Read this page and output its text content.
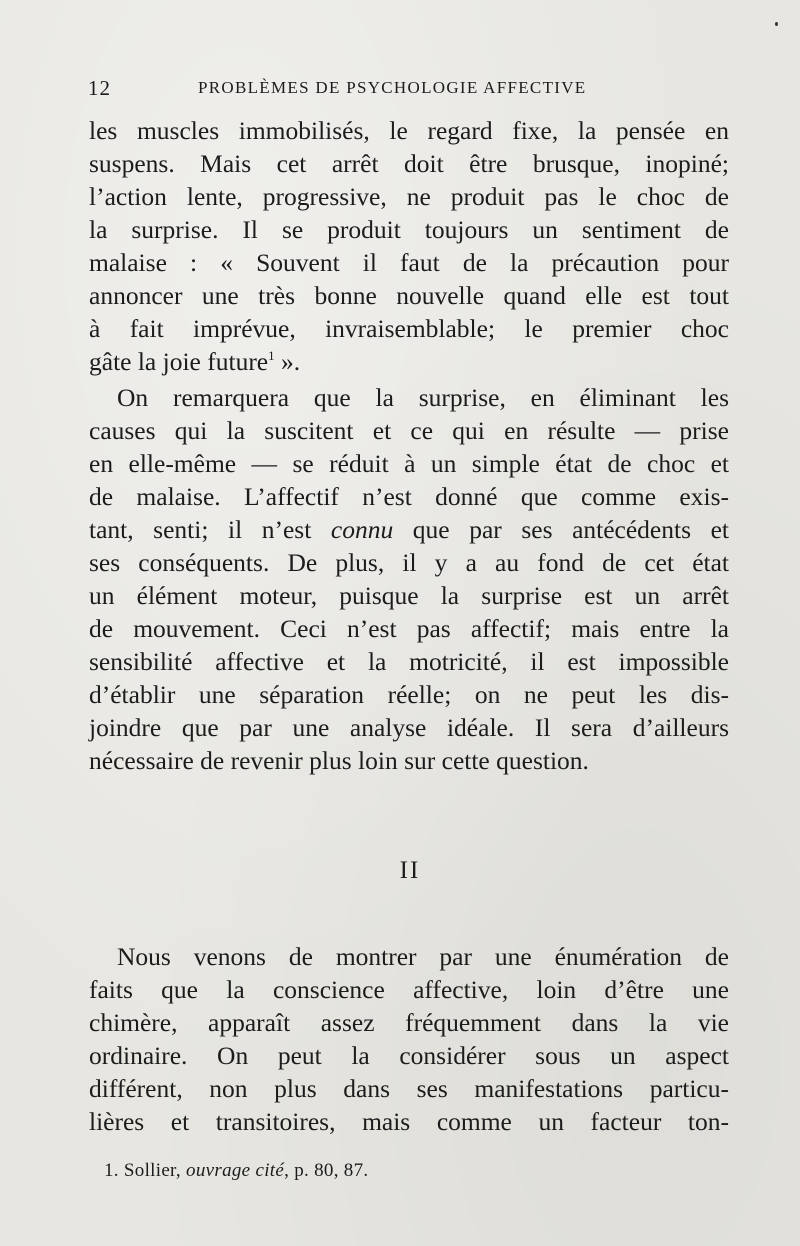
12	PROBLÈMES DE PSYCHOLOGIE AFFECTIVE
les muscles immobilisés, le regard fixe, la pensée en
suspens. Mais cet arrêt doit être brusque, inopiné;
l’action lente, progressive, ne produit pas le choc de
la surprise. Il se produit toujours un sentiment de
malaise : « Souvent il faut de la précaution pour
annoncer une très bonne nouvelle quand elle est tout
à fait imprévue, invraisemblable; le premier choc
gâte la joie future$^1$ ».
On remarquera que la surprise, en éliminant les
causes qui la suscitent et ce qui en résulte — prise
en elle-même — se réduit à un simple état de choc et
de malaise. L’affectif n’est donné que comme exis-
tant, senti; il n’est connu que par ses antécédents et
ses conséquents. De plus, il y a au fond de cet état
un élément moteur, puisque la surprise est un arrêt
de mouvement. Ceci n’est pas affectif; mais entre la
sensibilité affective et la motricité, il est impossible
d’établir une séparation réelle; on ne peut les dis-
joindre que par une analyse idéale. Il sera d’ailleurs
nécessaire de revenir plus loin sur cette question.
II
Nous venons de montrer par une énumération de
faits que la conscience affective, loin d’être une
chimère, apparaît assez fréquemment dans la vie
ordinaire. On peut la considérer sous un aspect
différent, non plus dans ses manifestations particu-
lières et transitoires, mais comme un facteur ton-
1. Sollier, ouvrage cité, p. 80, 87.
